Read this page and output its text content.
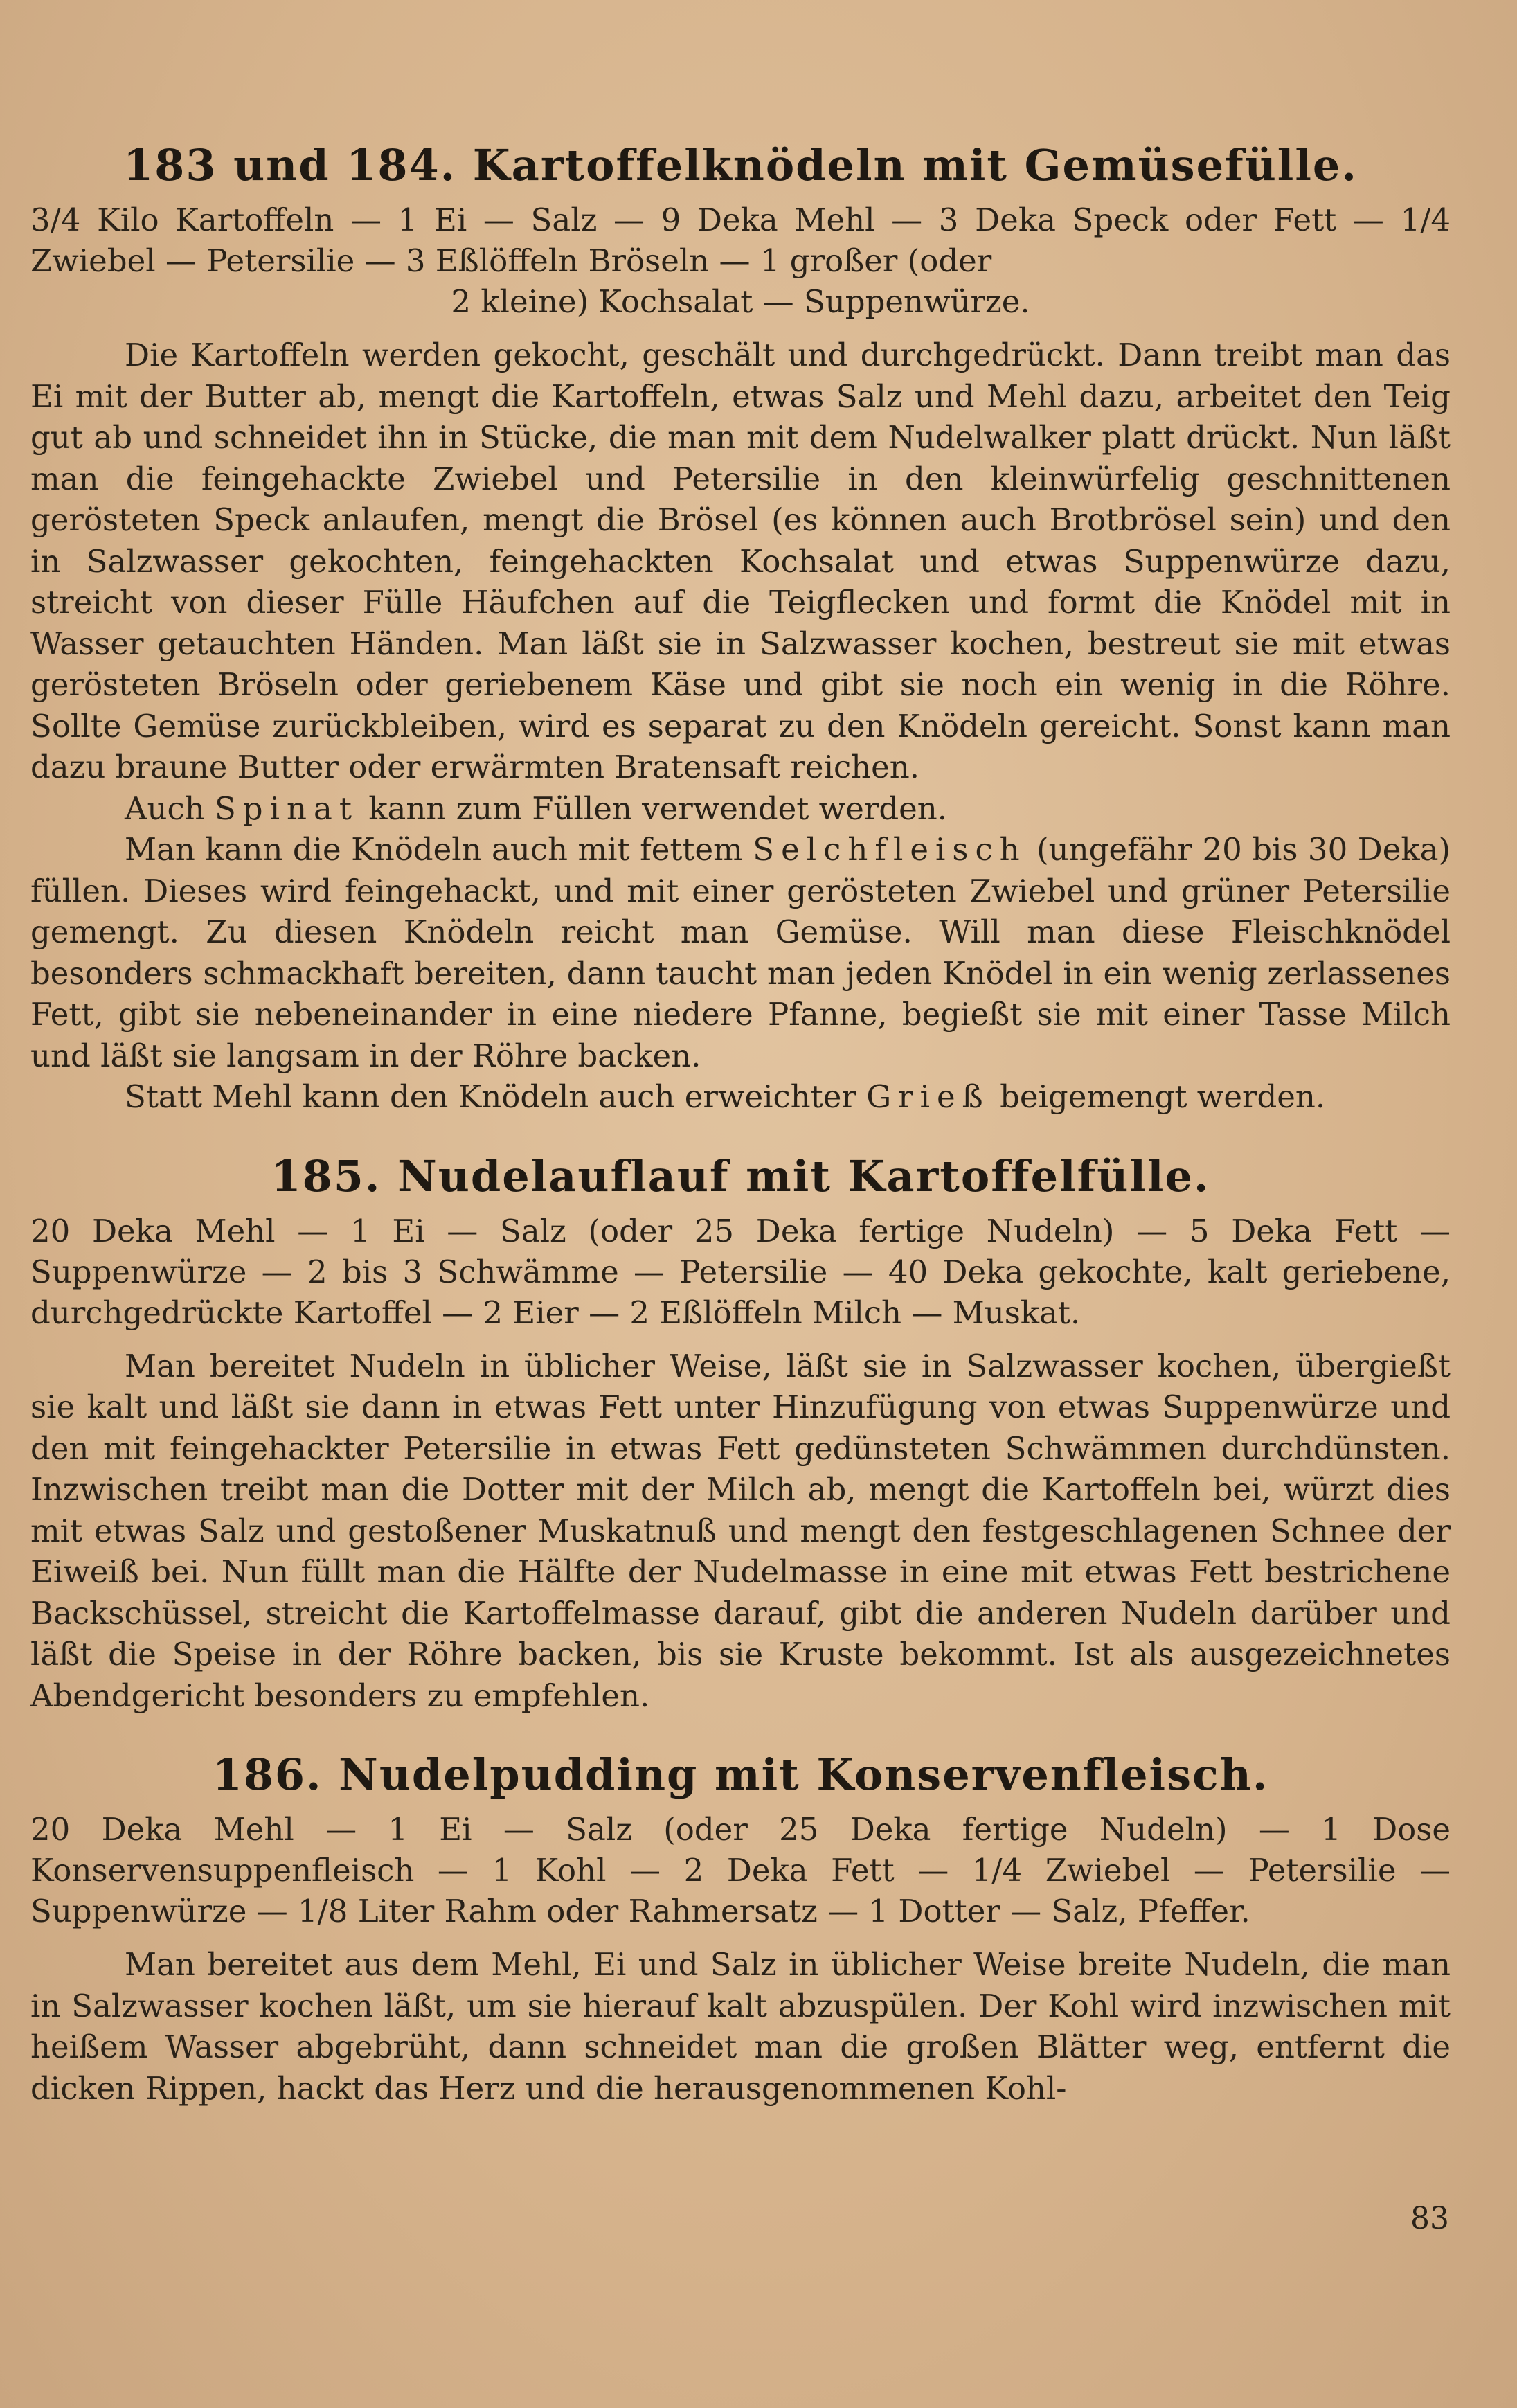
183 und 184. Kartoffelknödeln mit Gemüsefülle.

3/4 Kilo Kartoffeln — 1 Ei — Salz — 9 Deka Mehl — 3 Deka Speck oder Fett — 1/4 Zwiebel — Petersilie — 3 Eßlöffeln Bröseln — 1 großer (oder
2 kleine) Kochsalat — Suppenwürze.

Die Kartoffeln werden gekocht, geschält und durchgedrückt. Dann treibt man das Ei mit der Butter ab, mengt die Kartoffeln, etwas Salz und Mehl dazu, arbeitet den Teig gut ab und schneidet ihn in Stücke, die man mit dem Nudelwalker platt drückt. Nun läßt man die feingehackte Zwiebel und Petersilie in den kleinwürfelig geschnittenen gerösteten Speck anlaufen, mengt die Brösel (es können auch Brotbrösel sein) und den in Salzwasser gekochten, feingehackten Kochsalat und etwas Suppenwürze dazu, streicht von dieser Fülle Häufchen auf die Teigflecken und formt die Knödel mit in Wasser getauchten Händen. Man läßt sie in Salzwasser kochen, bestreut sie mit etwas gerösteten Bröseln oder geriebenem Käse und gibt sie noch ein wenig in die Röhre. Sollte Gemüse zurückbleiben, wird es separat zu den Knödeln gereicht. Sonst kann man dazu braune Butter oder erwärmten Bratensaft reichen.

Auch Spinat kann zum Füllen verwendet werden.

Man kann die Knödeln auch mit fettem Selchfleisch (ungefähr 20 bis 30 Deka) füllen. Dieses wird feingehackt, und mit einer gerösteten Zwiebel und grüner Petersilie gemengt. Zu diesen Knödeln reicht man Gemüse. Will man diese Fleischknödel besonders schmackhaft bereiten, dann taucht man jeden Knödel in ein wenig zerlassenes Fett, gibt sie nebeneinander in eine niedere Pfanne, begießt sie mit einer Tasse Milch und läßt sie langsam in der Röhre backen.

Statt Mehl kann den Knödeln auch erweichter Grieß beigemengt werden.

185. Nudelauflauf mit Kartoffelfülle.

20 Deka Mehl — 1 Ei — Salz (oder 25 Deka fertige Nudeln) — 5 Deka Fett — Suppenwürze — 2 bis 3 Schwämme — Petersilie — 40 Deka gekochte, kalt geriebene, durchgedrückte Kartoffel — 2 Eier — 2 Eßlöffeln Milch — Muskat.

Man bereitet Nudeln in üblicher Weise, läßt sie in Salzwasser kochen, übergießt sie kalt und läßt sie dann in etwas Fett unter Hinzufügung von etwas Suppenwürze und den mit feingehackter Petersilie in etwas Fett gedünsteten Schwämmen durchdünsten. Inzwischen treibt man die Dotter mit der Milch ab, mengt die Kartoffeln bei, würzt dies mit etwas Salz und gestoßener Muskatnuß und mengt den festgeschlagenen Schnee der Eiweiß bei. Nun füllt man die Hälfte der Nudelmasse in eine mit etwas Fett bestrichene Backschüssel, streicht die Kartoffelmasse darauf, gibt die anderen Nudeln darüber und läßt die Speise in der Röhre backen, bis sie Kruste bekommt. Ist als ausgezeichnetes Abendgericht besonders zu empfehlen.

186. Nudelpudding mit Konservenfleisch.

20 Deka Mehl — 1 Ei — Salz (oder 25 Deka fertige Nudeln) — 1 Dose Konservensuppenfleisch — 1 Kohl — 2 Deka Fett — 1/4 Zwiebel — Petersilie — Suppenwürze — 1/8 Liter Rahm oder Rahmersatz — 1 Dotter — Salz, Pfeffer.

Man bereitet aus dem Mehl, Ei und Salz in üblicher Weise breite Nudeln, die man in Salzwasser kochen läßt, um sie hierauf kalt abzuspülen. Der Kohl wird inzwischen mit heißem Wasser abgebrüht, dann schneidet man die großen Blätter weg, entfernt die dicken Rippen, hackt das Herz und die herausgenommenen Kohl-

83
